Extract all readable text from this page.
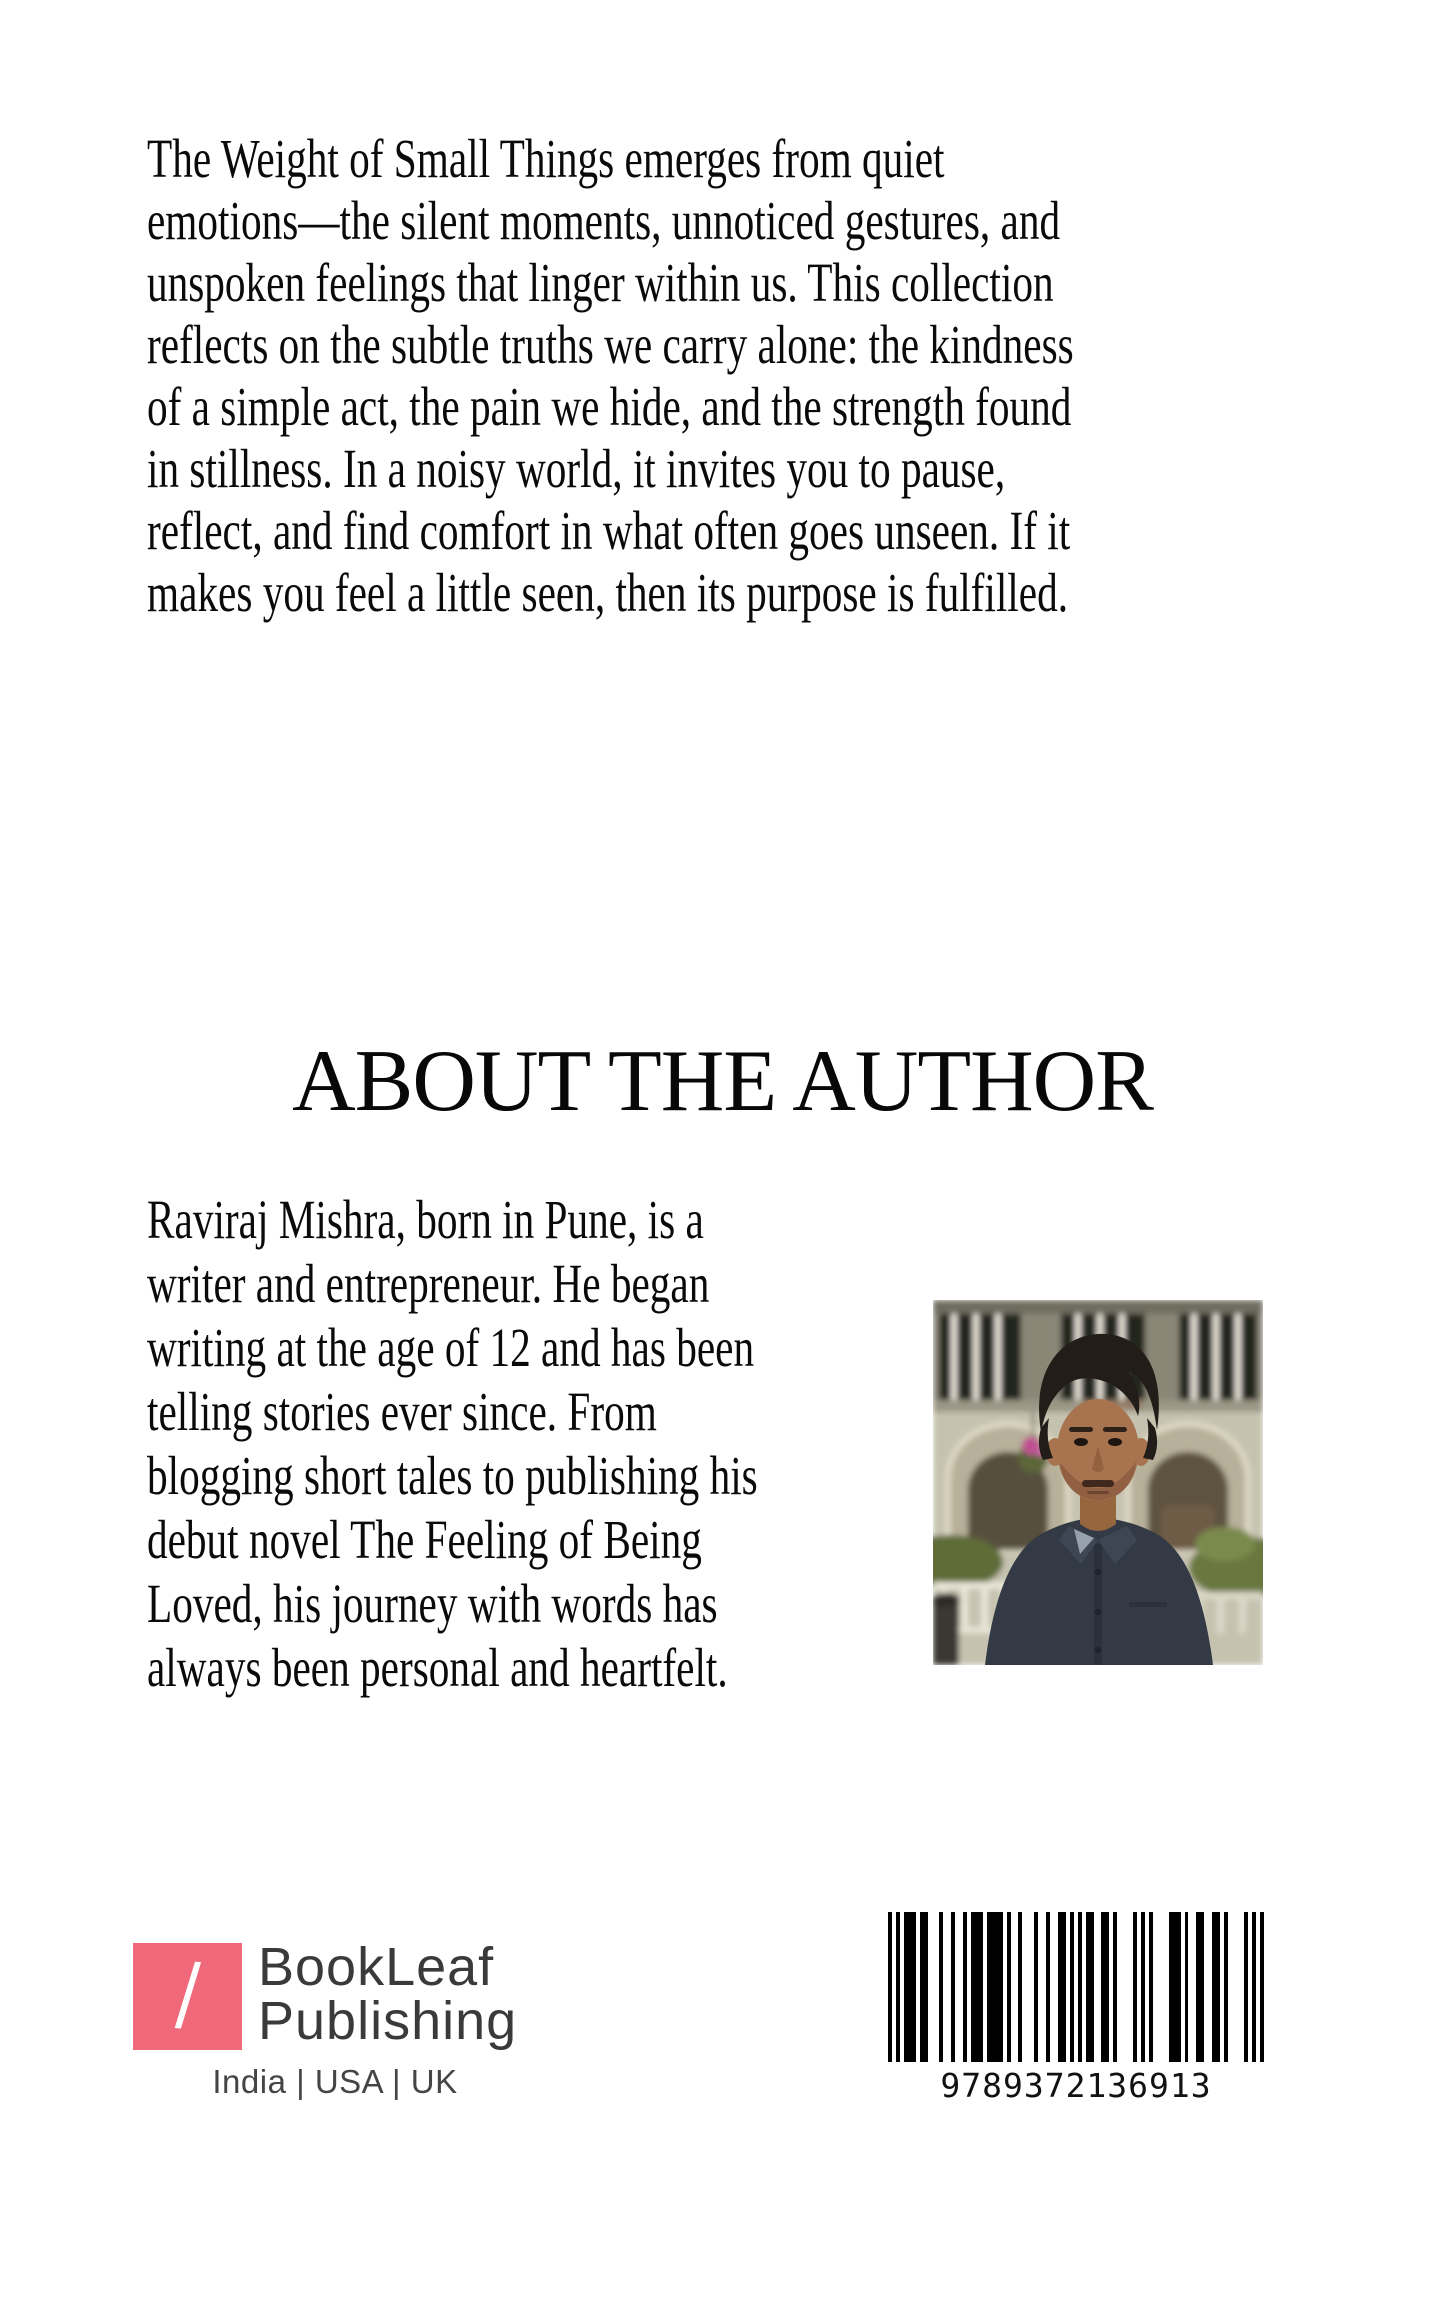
The Weight of Small Things emerges from quiet
emotions—the silent moments, unnoticed gestures, and
unspoken feelings that linger within us. This collection
reflects on the subtle truths we carry alone: the kindness
of a simple act, the pain we hide, and the strength found
in stillness. In a noisy world, it invites you to pause,
reflect, and find comfort in what often goes unseen. If it
makes you feel a little seen, then its purpose is fulfilled.
ABOUT THE AUTHOR
Raviraj Mishra, born in Pune, is a
writer and entrepreneur. He began
writing at the age of 12 and has been
telling stories ever since. From
blogging short tales to publishing his
debut novel The Feeling of Being
Loved, his journey with words has
always been personal and heartfelt.
/ BookLeaf
Publishing
India | USA | UK	9789372136913
